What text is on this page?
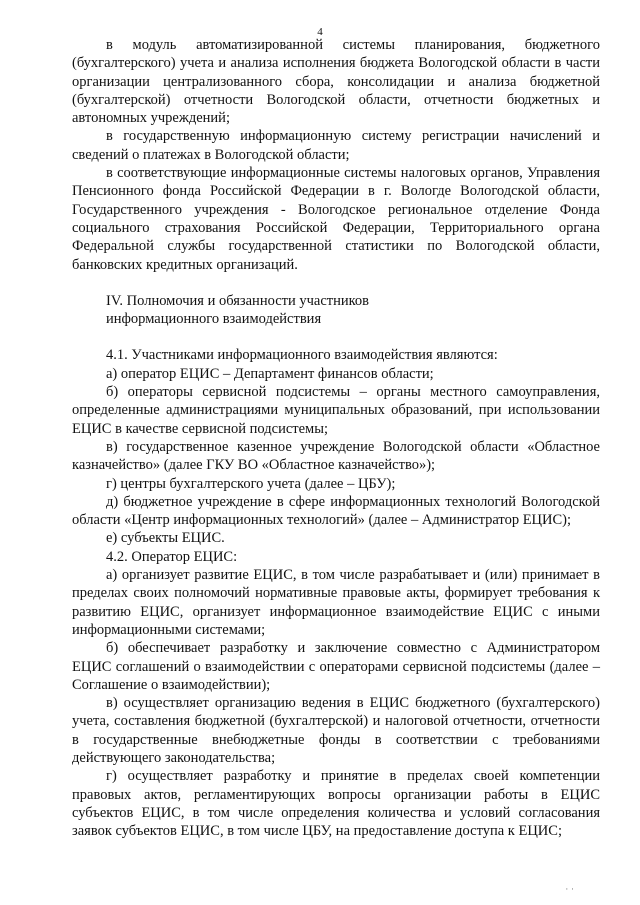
4

в модуль автоматизированной системы планирования, бюджетного (бухгалтерского) учета и анализа исполнения бюджета Вологодской области в части организации централизованного сбора, консолидации и анализа бюджетной (бухгалтерской) отчетности Вологодской области, отчетности бюджетных и автономных учреждений;

в государственную информационную систему регистрации начислений и сведений о платежах в Вологодской области;

в соответствующие информационные системы налоговых органов, Управления Пенсионного фонда Российской Федерации в г. Вологде Вологодской области, Государственного учреждения - Вологодское региональное отделение Фонда социального страхования Российской Федерации, Территориального органа Федеральной службы государственной статистики по Вологодской области, банковских кредитных организаций.

IV. Полномочия и обязанности участников

информационного взаимодействия

4.1. Участниками информационного взаимодействия являются:

а) оператор ЕЦИС – Департамент финансов области;

б) операторы сервисной подсистемы – органы местного самоуправления, определенные администрациями муниципальных образований, при использовании ЕЦИС в качестве сервисной подсистемы;

в) государственное казенное учреждение Вологодской области «Областное казначейство» (далее ГКУ ВО «Областное казначейство»);

г) центры бухгалтерского учета (далее – ЦБУ);

д) бюджетное учреждение в сфере информационных технологий Вологодской области «Центр информационных технологий» (далее – Администратор ЕЦИС);

е) субъекты ЕЦИС.

4.2. Оператор ЕЦИС:

а) организует развитие ЕЦИС, в том числе разрабатывает и (или) принимает в пределах своих полномочий нормативные правовые акты, формирует требования к развитию ЕЦИС, организует информационное взаимодействие ЕЦИС с иными информационными системами;

б) обеспечивает разработку и заключение совместно с Администратором ЕЦИС соглашений о взаимодействии с операторами сервисной подсистемы (далее – Соглашение о взаимодействии);

в) осуществляет организацию ведения в ЕЦИС бюджетного (бухгалтерского) учета, составления бюджетной (бухгалтерской) и налоговой отчетности, отчетности в государственные внебюджетные фонды в соответствии с требованиями действующего законодательства;

г) осуществляет разработку и принятие в пределах своей компетенции правовых актов, регламентирующих вопросы организации работы в ЕЦИС субъектов ЕЦИС, в том числе определения количества и условий согласования заявок субъектов ЕЦИС, в том числе ЦБУ, на предоставление доступа к ЕЦИС;

· ·
